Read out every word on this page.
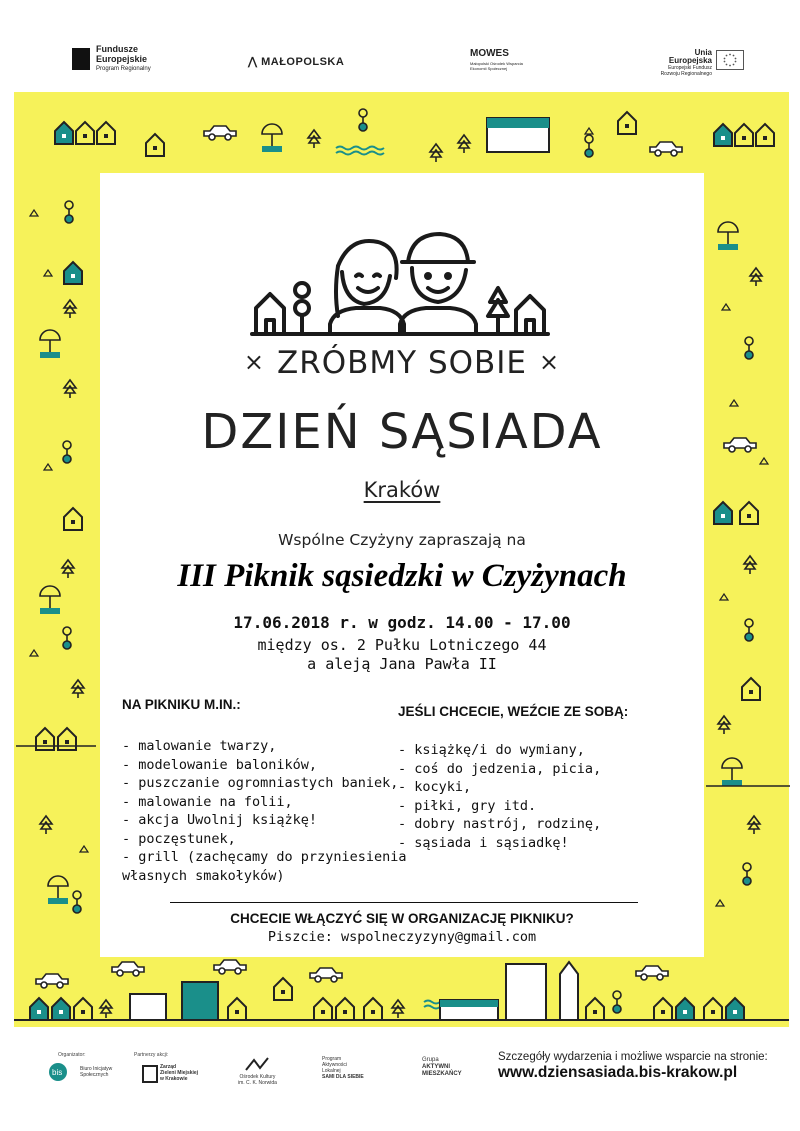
Fundusze
Europejskie
Program Regionalny
⋀ MAŁOPOLSKA
MOWES
Małopolski Ośrodek Wsparcia Ekonomii Społecznej
Unia Europejska
Europejski Fundusz
Rozwoju Regionalnego
× ZRÓBMY SOBIE ×
DZIEŃ SĄSIADA
Kraków
Wspólne Czyżyny zapraszają na
III Piknik sąsiedzki w Czyżynach
17.06.2018 r. w godz. 14.00 - 17.00
między os. 2 Pułku Lotniczego 44
a aleją Jana Pawła II
NA PIKNIKU M.IN.:
- malowanie twarzy,
- modelowanie baloników,
- puszczanie ogromniastych baniek,
- malowanie na folii,
- akcja Uwolnij książkę!
- poczęstunek,
- grill (zachęcamy do przyniesienia
własnych smakołyków)
JEŚLI CHCECIE, WEŹCIE ZE SOBĄ:
- książkę/i do wymiany,
- coś do jedzenia, picia,
- kocyki,
- piłki, gry itd.
- dobry nastrój, rodzinę,
- sąsiada i sąsiadkę!
CHCECIE WŁĄCZYĆ SIĘ W ORGANIZACJĘ PIKNIKU?
Piszcie: wspolneczyzyny@gmail.com
Organizator:
bis	Biuro Inicjatyw Społecznych
Partnerzy akcji:
Zarząd
Zieleni Miejskiej
w Krakowie	Ośrodek Kultury
im. C. K. Norwida
Program
Aktywności
Lokalnej
SAMI DLA SIEBIE
Grupa
AKTYWNI
MIESZKAŃCY
Szczegóły wydarzenia i możliwe wsparcie na stronie:
www.dziensasiada.bis-krakow.pl
